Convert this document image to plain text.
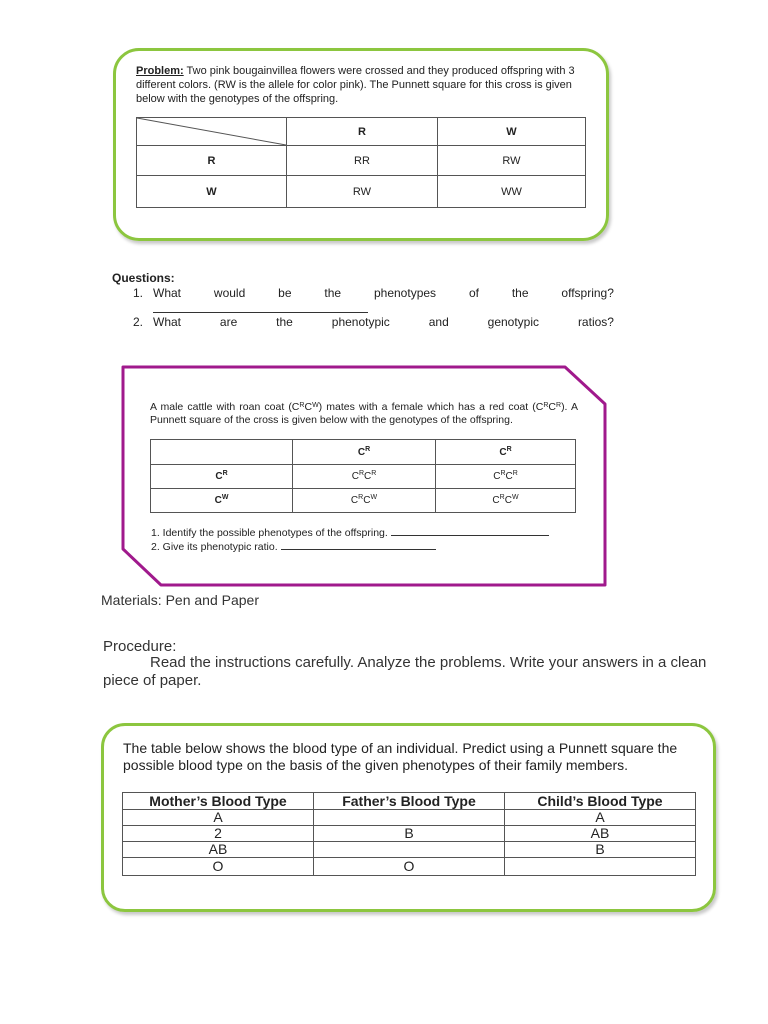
Problem: Two pink bougainvillea flowers were crossed and they produced offspring with 3 different colors. (RW is the allele for color pink). The Punnett square for this cross is given below with the genotypes of the offspring.
	R	W
R	RR	RW
W	RW	WW
Questions:
1. What	would	be	the	phenotypes	of	the	offspring?
2. What	are	the	phenotypic	and	genotypic	ratios?
A male cattle with roan coat $(C^RC^W)$ mates with a female which has a red coat $(C^RC^R)$. A Punnett square of the cross is given below with the genotypes of the offspring.
	$C^R$	$C^R$
$C^R$	$C^RC^R$	$C^RC^R$
$C^W$	$C^RC^W$	$C^RC^W$
1. Identify the possible phenotypes of the offspring.
2. Give its phenotypic ratio.
Materials: Pen and Paper
Procedure:
Read the instructions carefully. Analyze the problems. Write your answers in a clean piece of paper.
The table below shows the blood type of an individual. Predict using a Punnett square the possible blood type on the basis of the given phenotypes of their family members.
Mother’s Blood Type	Father’s Blood Type	Child’s Blood Type
A		A
2	B	AB
AB		B
O	O	
